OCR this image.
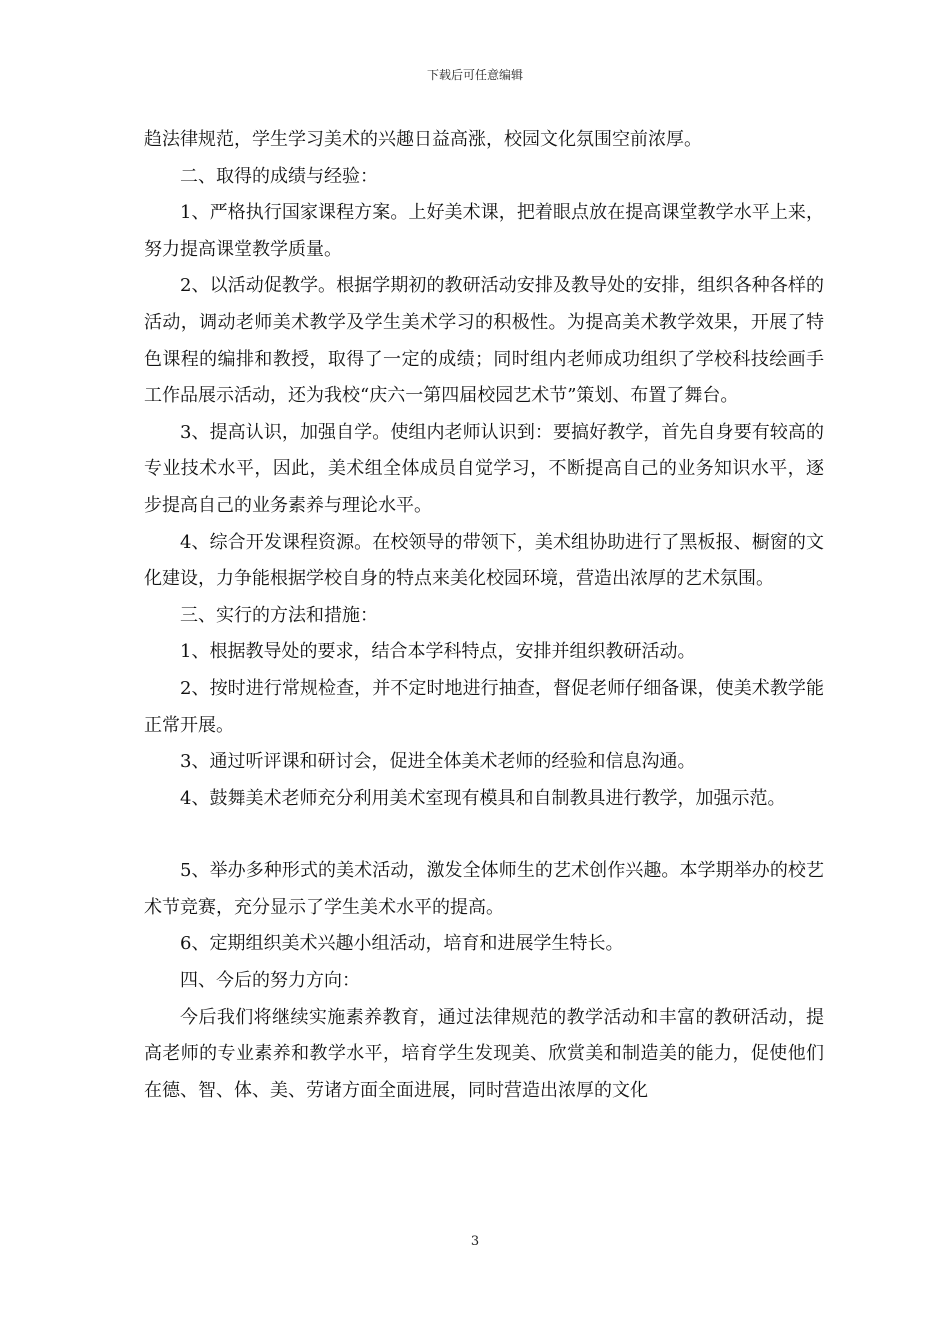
下载后可任意编辑

趋法律规范，学生学习美术的兴趣日益高涨，校园文化氛围空前浓厚。

二、取得的成绩与经验：

1、严格执行国家课程方案。上好美术课，把着眼点放在提高课堂教学水平上来，努力提高课堂教学质量。

2、以活动促教学。根据学期初的教研活动安排及教导处的安排，组织各种各样的活动，调动老师美术教学及学生美术学习的积极性。为提高美术教学效果，开展了特色课程的编排和教授，取得了一定的成绩；同时组内老师成功组织了学校科技绘画手工作品展示活动，还为我校“庆六一第四届校园艺术节”策划、布置了舞台。

3、提高认识，加强自学。使组内老师认识到：要搞好教学，首先自身要有较高的专业技术水平，因此，美术组全体成员自觉学习，不断提高自己的业务知识水平，逐步提高自己的业务素养与理论水平。

4、综合开发课程资源。在校领导的带领下，美术组协助进行了黑板报、橱窗的文化建设，力争能根据学校自身的特点来美化校园环境，营造出浓厚的艺术氛围。

三、实行的方法和措施：

1、根据教导处的要求，结合本学科特点，安排并组织教研活动。

2、按时进行常规检查，并不定时地进行抽查，督促老师仔细备课，使美术教学能正常开展。

3、通过听评课和研讨会，促进全体美术老师的经验和信息沟通。

4、鼓舞美术老师充分利用美术室现有模具和自制教具进行教学，加强示范。

5、举办多种形式的美术活动，激发全体师生的艺术创作兴趣。本学期举办的校艺术节竞赛，充分显示了学生美术水平的提高。

6、定期组织美术兴趣小组活动，培育和进展学生特长。

四、今后的努力方向：

今后我们将继续实施素养教育，通过法律规范的教学活动和丰富的教研活动，提高老师的专业素养和教学水平，培育学生发现美、欣赏美和制造美的能力，促使他们在德、智、体、美、劳诸方面全面进展，同时营造出浓厚的文化

3
